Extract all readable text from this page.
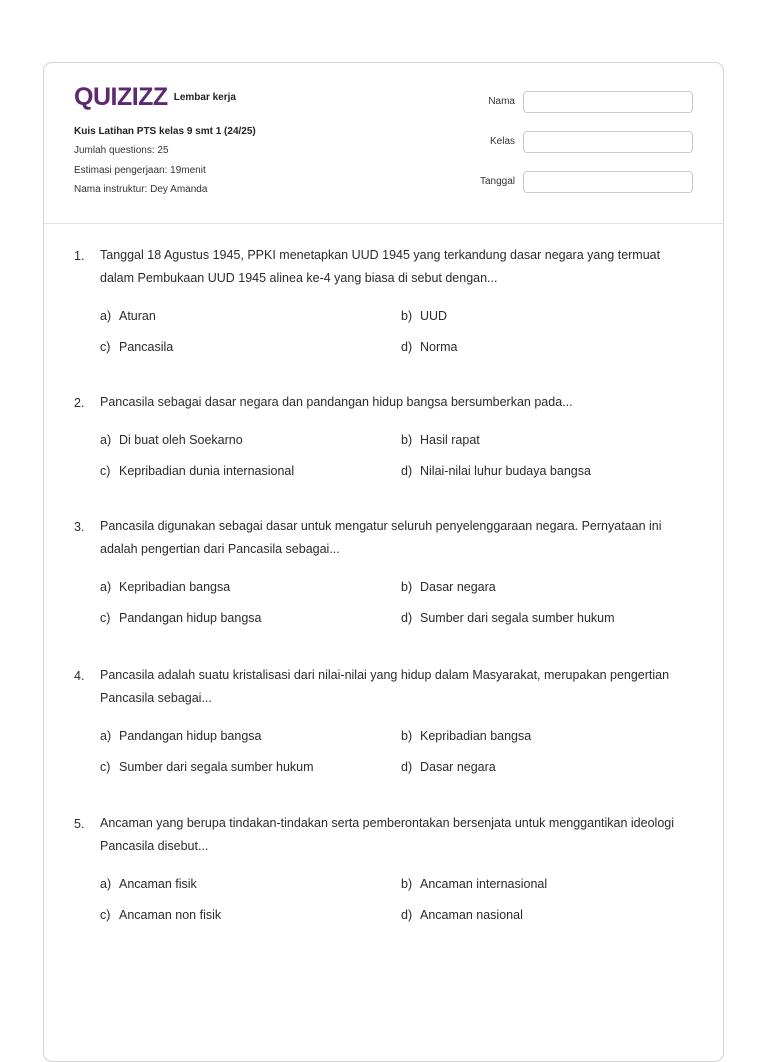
QUIZIZZ Lembar kerja
Kuis Latihan PTS kelas 9 smt 1 (24/25)
Jumlah questions: 25
Estimasi pengerjaan: 19menit
Nama instruktur: Dey Amanda
Nama
Kelas
Tanggal
1. Tanggal 18 Agustus 1945, PPKI menetapkan UUD 1945 yang terkandung dasar negara yang termuat
dalam Pembukaan UUD 1945 alinea ke-4 yang biasa di sebut dengan...
a) Aturan	b) UUD
c) Pancasila	d) Norma
2. Pancasila sebagai dasar negara dan pandangan hidup bangsa bersumberkan pada...
a) Di buat oleh Soekarno	b) Hasil rapat
c) Kepribadian dunia internasional	d) Nilai-nilai luhur budaya bangsa
3. Pancasila digunakan sebagai dasar untuk mengatur seluruh penyelenggaraan negara. Pernyataan ini
adalah pengertian dari Pancasila sebagai...
a) Kepribadian bangsa	b) Dasar negara
c) Pandangan hidup bangsa	d) Sumber dari segala sumber hukum
4. Pancasila adalah suatu kristalisasi dari nilai-nilai yang hidup dalam Masyarakat, merupakan pengertian
Pancasila sebagai...
a) Pandangan hidup bangsa	b) Kepribadian bangsa
c) Sumber dari segala sumber hukum	d) Dasar negara
5. Ancaman yang berupa tindakan-tindakan serta pemberontakan bersenjata untuk menggantikan ideologi
Pancasila disebut...
a) Ancaman fisik	b) Ancaman internasional
c) Ancaman non fisik	d) Ancaman nasional
